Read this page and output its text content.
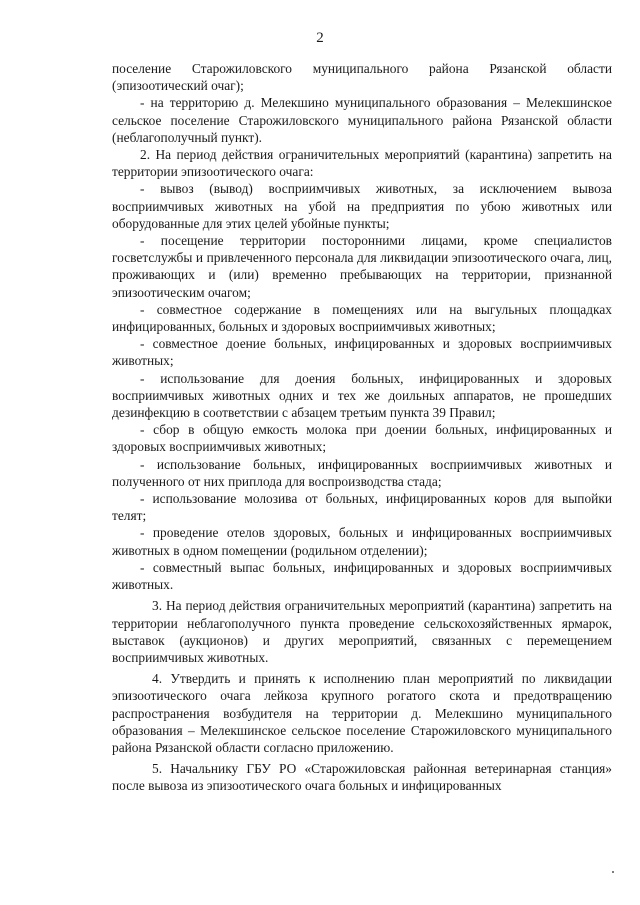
2

поселение Старожиловского муниципального района Рязанской области (эпизоотический очаг);

- на территорию д. Мелекшино муниципального образования – Мелекшинское сельское поселение Старожиловского муниципального района Рязанской области (неблагополучный пункт).

2. На период действия ограничительных мероприятий (карантина) запретить на территории эпизоотического очага:

- вывоз (вывод) восприимчивых животных, за исключением вывоза восприимчивых животных на убой на предприятия по убою животных или оборудованные для этих целей убойные пункты;

- посещение территории посторонними лицами, кроме специалистов госветслужбы и привлеченного персонала для ликвидации эпизоотического очага, лиц, проживающих и (или) временно пребывающих на территории, признанной эпизоотическим очагом;

- совместное содержание в помещениях или на выгульных площадках инфицированных, больных и здоровых восприимчивых животных;

- совместное доение больных, инфицированных и здоровых восприимчивых животных;

- использование для доения больных, инфицированных и здоровых восприимчивых животных одних и тех же доильных аппаратов, не прошедших дезинфекцию в соответствии с абзацем третьим пункта 39 Правил;

- сбор в общую емкость молока при доении больных, инфицированных и здоровых восприимчивых животных;

- использование больных, инфицированных восприимчивых животных и полученного от них приплода для воспроизводства стада;

- использование молозива от больных, инфицированных коров для выпойки телят;

- проведение отелов здоровых, больных и инфицированных восприимчивых животных в одном помещении (родильном отделении);

- совместный выпас больных, инфицированных и здоровых восприимчивых животных.

3. На период действия ограничительных мероприятий (карантина) запретить на территории неблагополучного пункта проведение сельскохозяйственных ярмарок, выставок (аукционов) и других мероприятий, связанных с перемещением восприимчивых животных.

4. Утвердить и принять к исполнению план мероприятий по ликвидации эпизоотического очага лейкоза крупного рогатого скота и предотвращению распространения возбудителя на территории д. Мелекшино муниципального образования – Мелекшинское сельское поселение Старожиловского муниципального района Рязанской области согласно приложению.

5. Начальнику ГБУ РО «Старожиловская районная ветеринарная станция» после вывоза из эпизоотического очага больных и инфицированных
